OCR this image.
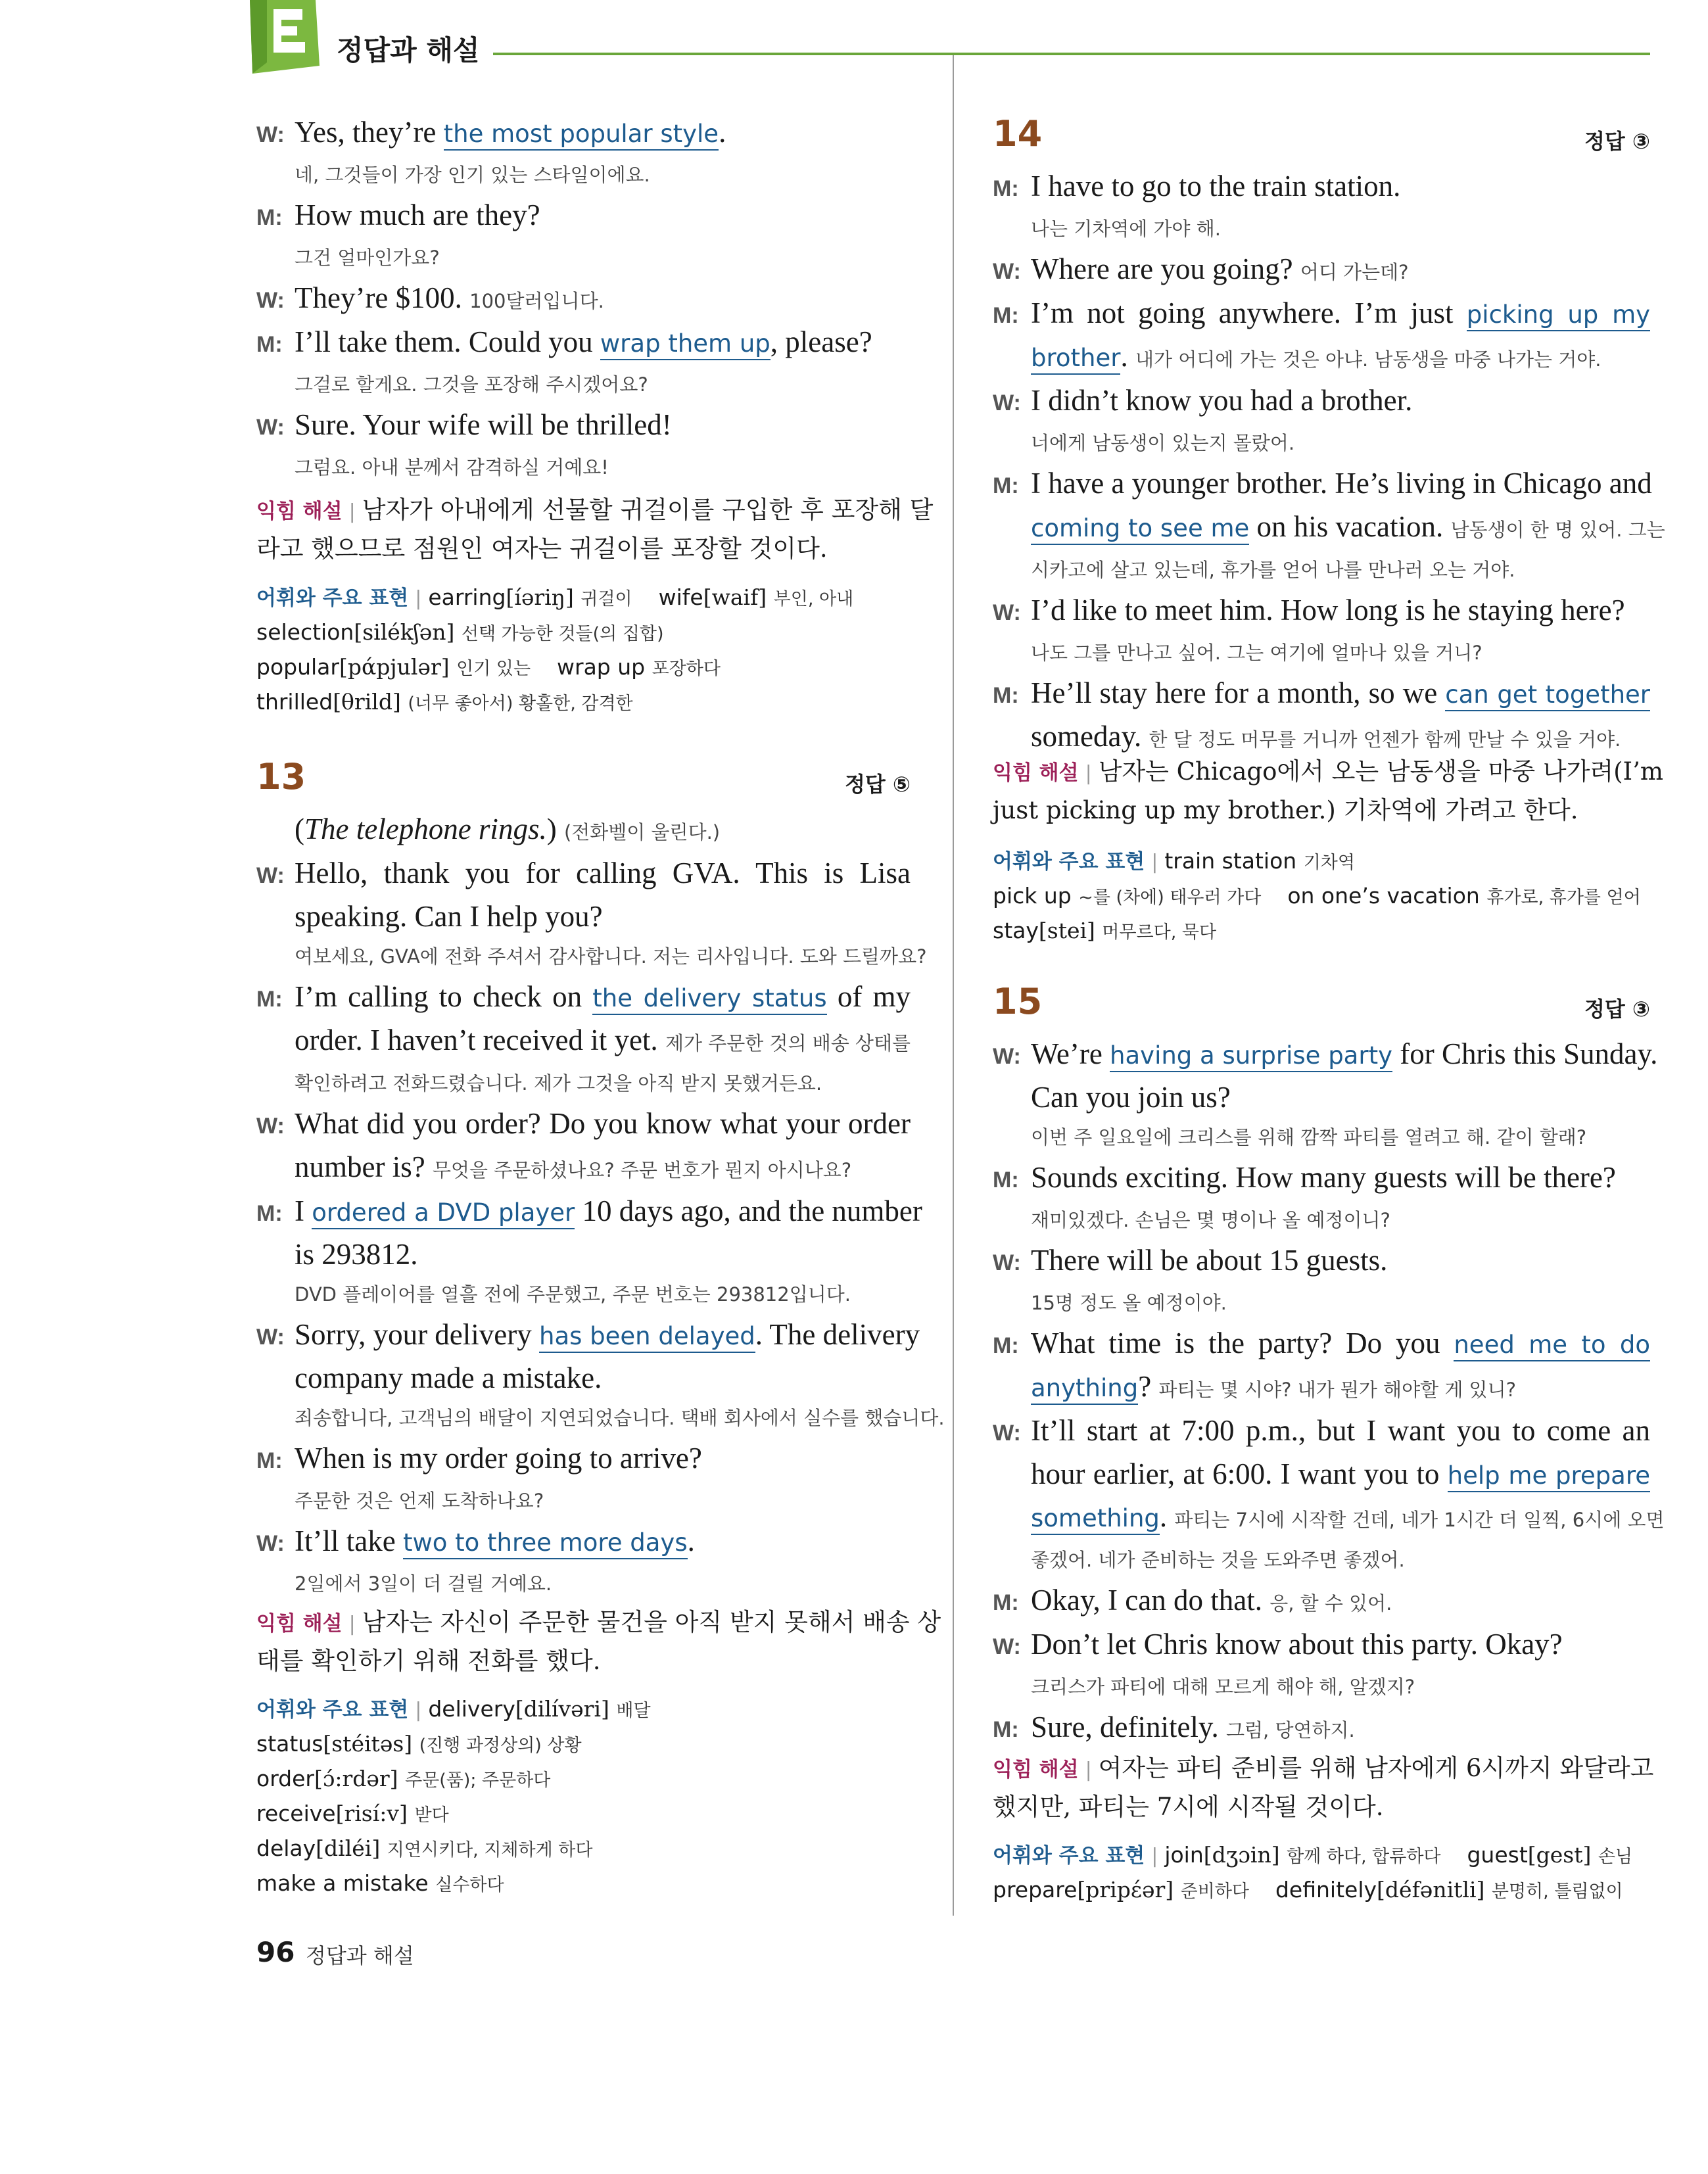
정답과 해설
W: Yes, they’re the most popular style.
네, 그것들이 가장 인기 있는 스타일이에요.
M: How much are they?
그건 얼마인가요?
W: They’re $100. 100달러입니다.
M: I’ll take them. Could you wrap them up, please?
그걸로 할게요. 그것을 포장해 주시겠어요?
W: Sure. Your wife will be thrilled!
그럼요. 아내 분께서 감격하실 거예요!
익힘 해설 | 남자가 아내에게 선물할 귀걸이를 구입한 후 포장해 달
라고 했으므로 점원인 여자는 귀걸이를 포장할 것이다.
어휘와 주요 표현 | earring[íəriŋ] 귀걸이 wife[waif] 부인, 아내
selection[silékʃən] 선택 가능한 것들(의 집합)
popular[pάpjulər] 인기 있는 wrap up 포장하다
thrilled[θrild] (너무 좋아서) 황홀한, 감격한
13	정답 ⑤
(The telephone rings.) (전화벨이 울린다.)
W: Hello, thank you for calling GVA. This is Lisa
speaking. Can I help you?
여보세요, GVA에 전화 주셔서 감사합니다. 저는 리사입니다. 도와 드릴까요?
M: I’m calling to check on the delivery status of my
order. I haven’t received it yet. 제가 주문한 것의 배송 상태를
확인하려고 전화드렸습니다. 제가 그것을 아직 받지 못했거든요.
W: What did you order? Do you know what your order
number is? 무엇을 주문하셨나요? 주문 번호가 뭔지 아시나요?
M: I ordered a DVD player 10 days ago, and the number
is 293812.
DVD 플레이어를 열흘 전에 주문했고, 주문 번호는 293812입니다.
W: Sorry, your delivery has been delayed. The delivery
company made a mistake.
죄송합니다, 고객님의 배달이 지연되었습니다. 택배 회사에서 실수를 했습니다.
M: When is my order going to arrive?
주문한 것은 언제 도착하나요?
W: It’ll take two to three more days.
2일에서 3일이 더 걸릴 거예요.
익힘 해설 | 남자는 자신이 주문한 물건을 아직 받지 못해서 배송 상
태를 확인하기 위해 전화를 했다.
어휘와 주요 표현 | delivery[dilívəri] 배달
status[stéitəs] (진행 과정상의) 상황
order[ɔ́:rdər] 주문(품); 주문하다
receive[risí:v] 받다
delay[diléi] 지연시키다, 지체하게 하다
make a mistake 실수하다
14	정답 ③
M: I have to go to the train station.
나는 기차역에 가야 해.
W: Where are you going? 어디 가는데?
M: I’m not going anywhere. I’m just picking up my
brother. 내가 어디에 가는 것은 아냐. 남동생을 마중 나가는 거야.
W: I didn’t know you had a brother.
너에게 남동생이 있는지 몰랐어.
M: I have a younger brother. He’s living in Chicago and
coming to see me on his vacation. 남동생이 한 명 있어. 그는
시카고에 살고 있는데, 휴가를 얻어 나를 만나러 오는 거야.
W: I’d like to meet him. How long is he staying here?
나도 그를 만나고 싶어. 그는 여기에 얼마나 있을 거니?
M: He’ll stay here for a month, so we can get together
someday. 한 달 정도 머무를 거니까 언젠가 함께 만날 수 있을 거야.
익힘 해설 | 남자는 Chicago에서 오는 남동생을 마중 나가려(I’m
just picking up my brother.) 기차역에 가려고 한다.
어휘와 주요 표현 | train station 기차역
pick up ~를 (차에) 태우러 가다 on one’s vacation 휴가로, 휴가를 얻어
stay[stei] 머무르다, 묵다
15	정답 ③
W: We’re having a surprise party for Chris this Sunday.
Can you join us?
이번 주 일요일에 크리스를 위해 깜짝 파티를 열려고 해. 같이 할래?
M: Sounds exciting. How many guests will be there?
재미있겠다. 손님은 몇 명이나 올 예정이니?
W: There will be about 15 guests.
15명 정도 올 예정이야.
M: What time is the party? Do you need me to do
anything? 파티는 몇 시야? 내가 뭔가 해야할 게 있니?
W: It’ll start at 7:00 p.m., but I want you to come an
hour earlier, at 6:00. I want you to help me prepare
something. 파티는 7시에 시작할 건데, 네가 1시간 더 일찍, 6시에 오면
좋겠어. 네가 준비하는 것을 도와주면 좋겠어.
M: Okay, I can do that. 응, 할 수 있어.
W: Don’t let Chris know about this party. Okay?
크리스가 파티에 대해 모르게 해야 해, 알겠지?
M: Sure, definitely. 그럼, 당연하지.
익힘 해설 | 여자는 파티 준비를 위해 남자에게 6시까지 와달라고
했지만, 파티는 7시에 시작될 것이다.
어휘와 주요 표현 | join[dʒɔin] 함께 하다, 합류하다 guest[gest] 손님
prepare[pripέər] 준비하다 definitely[défənitli] 분명히, 틀림없이
96 정답과 해설
